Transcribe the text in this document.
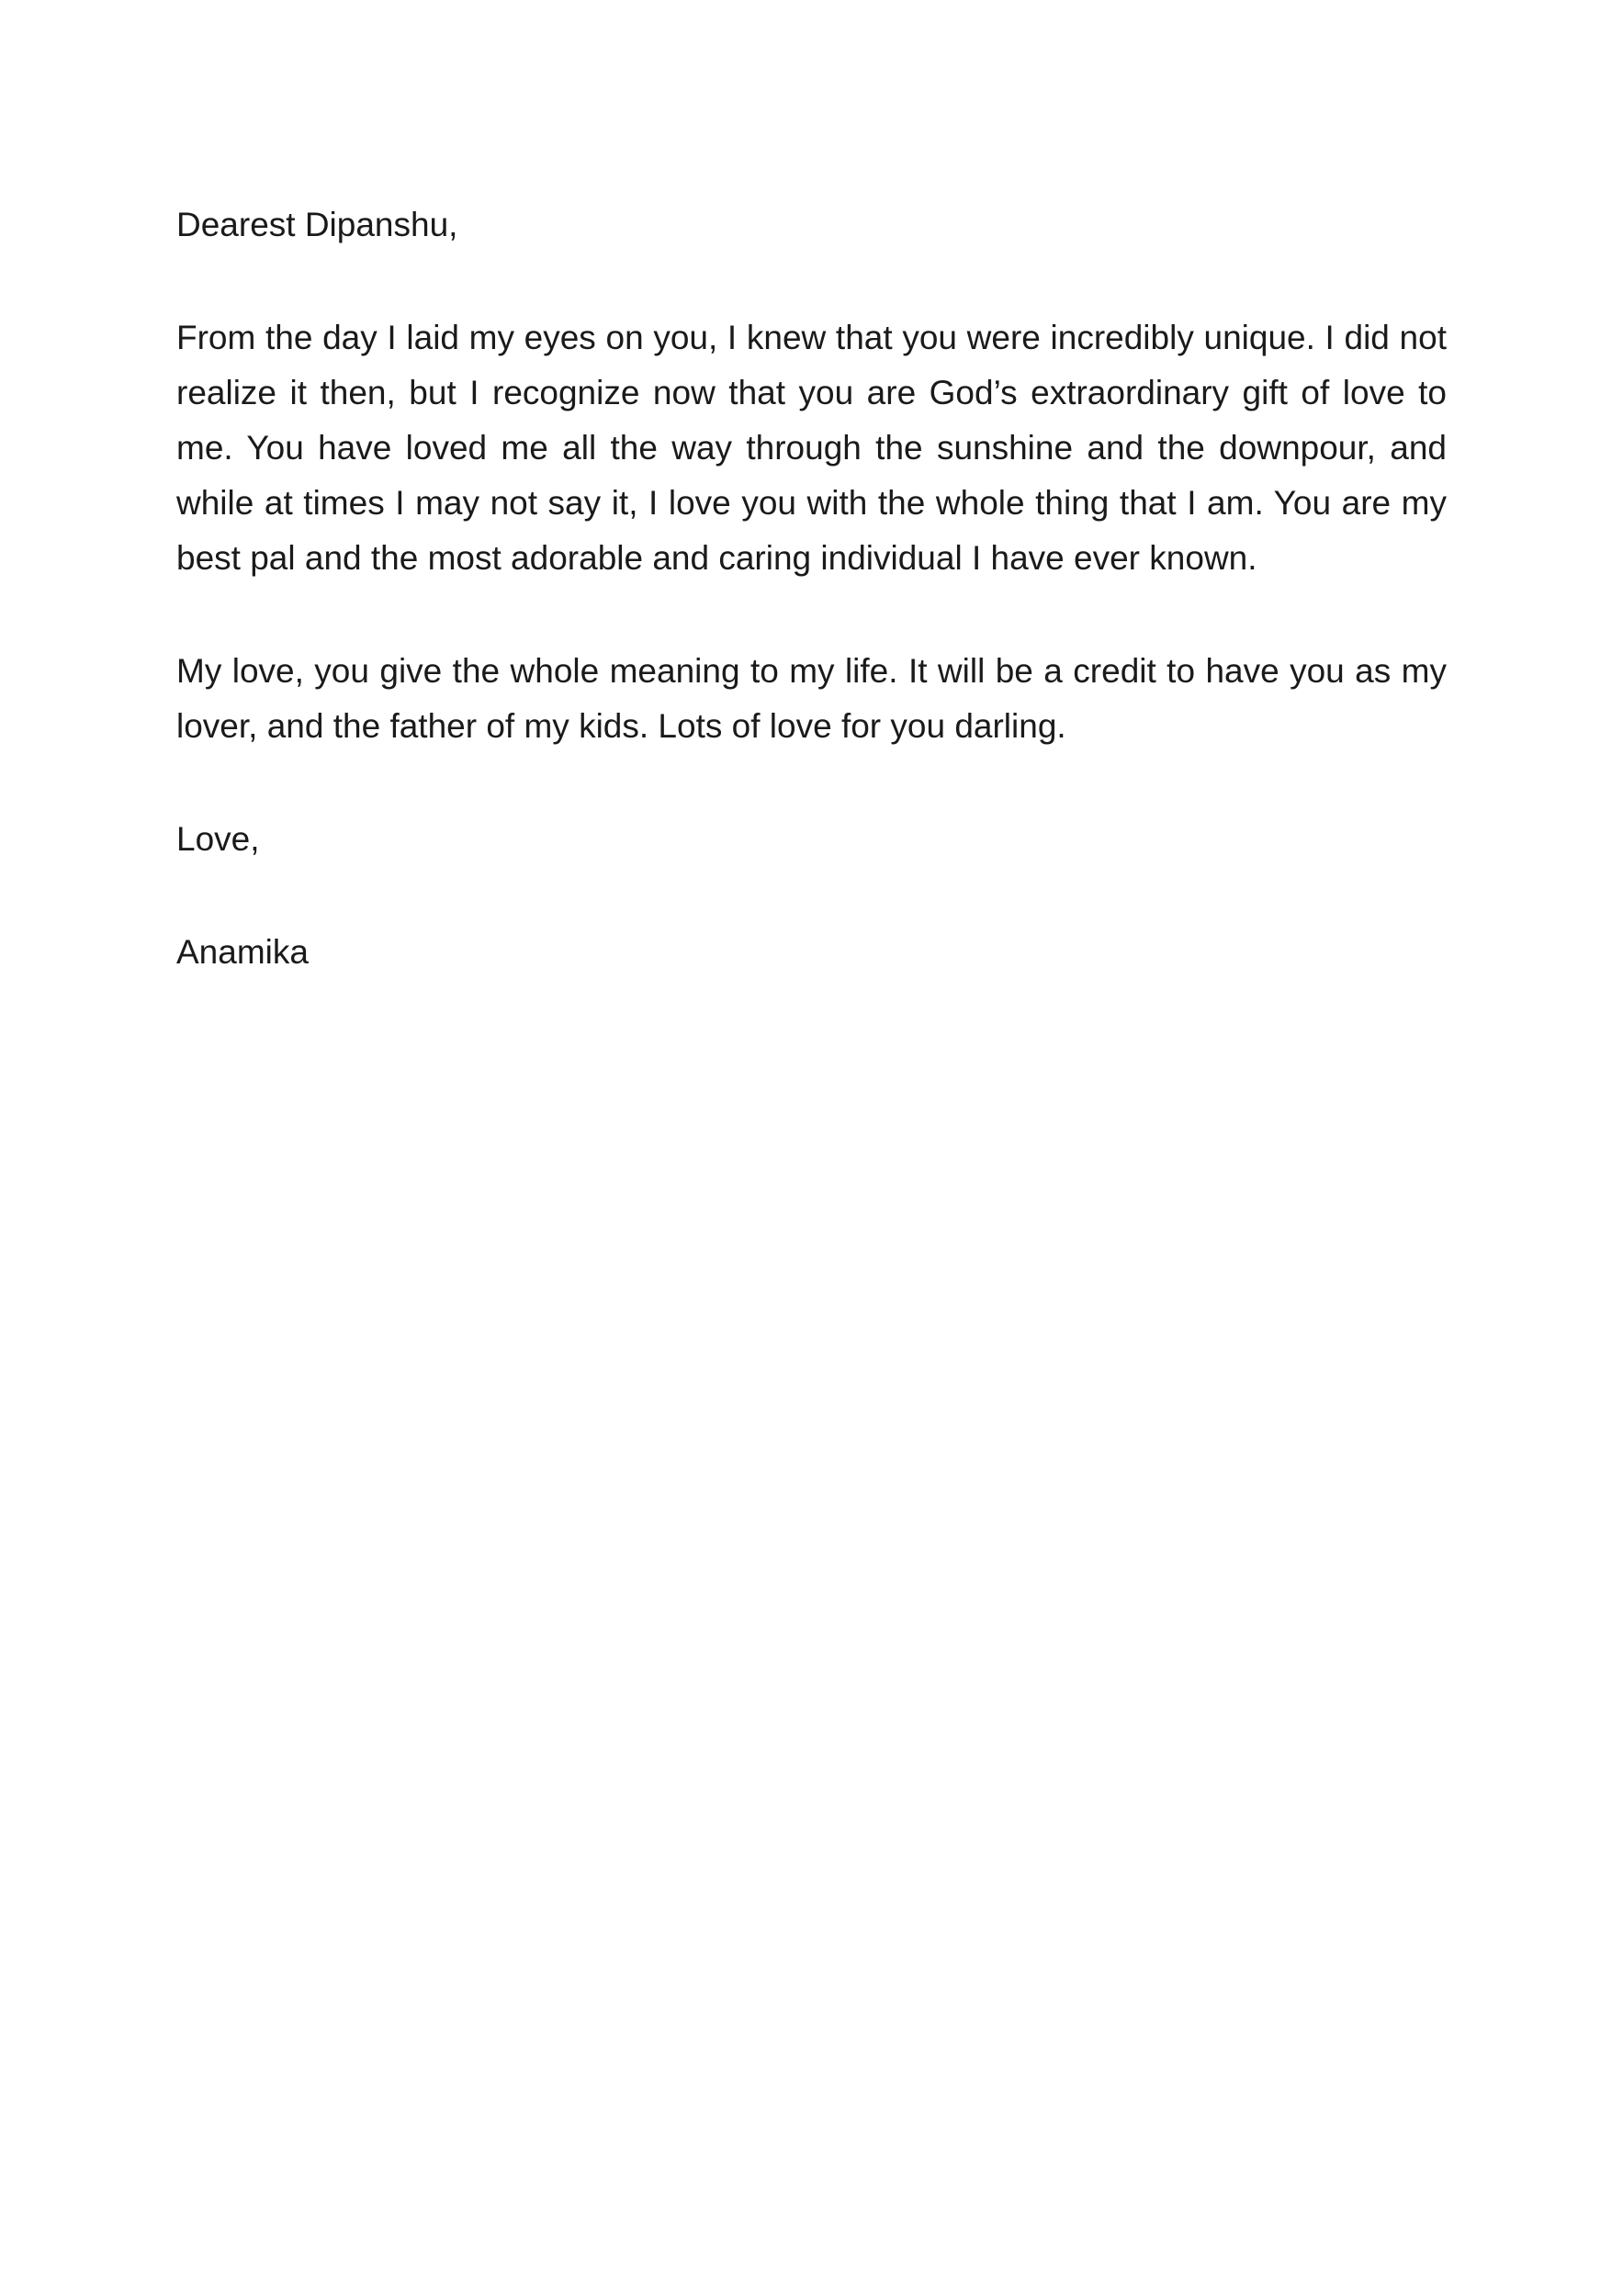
Dearest Dipanshu,

From the day I laid my eyes on you, I knew that you were incredibly unique. I did not realize it then, but I recognize now that you are God’s extraordinary gift of love to me. You have loved me all the way through the sunshine and the downpour, and while at times I may not say it, I love you with the whole thing that I am. You are my best pal and the most adorable and caring individual I have ever known.

My love, you give the whole meaning to my life. It will be a credit to have you as my lover, and the father of my kids. Lots of love for you darling.

Love,

Anamika
